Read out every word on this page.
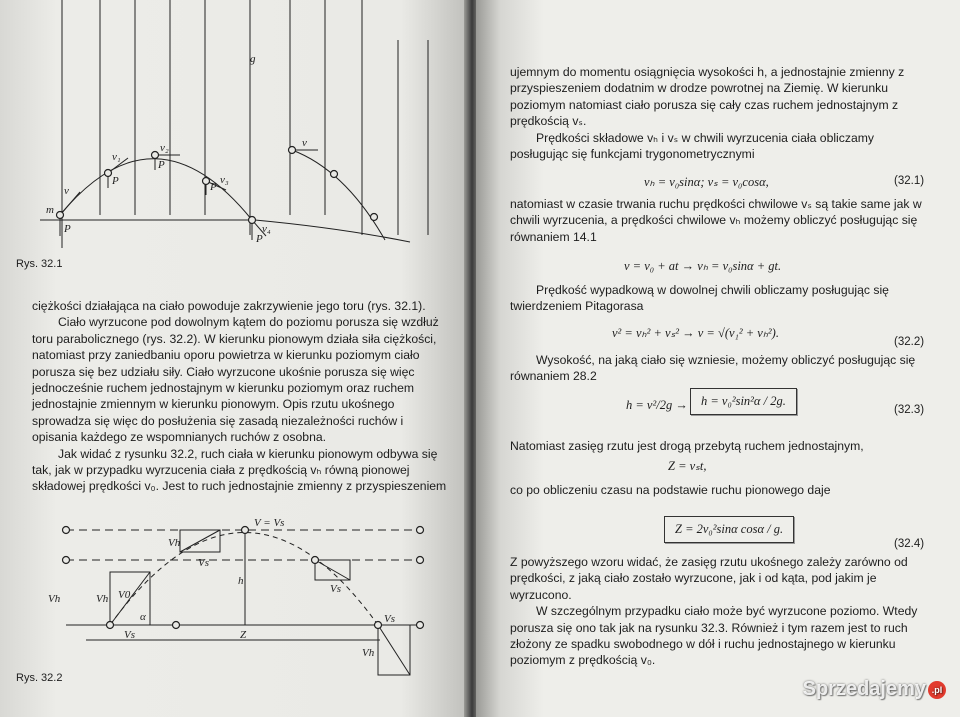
g
m
v
v₁
v₂
v₃
v₄
v
P
P
P
P
P
Rys. 32.1

ciężkości działająca na ciało powoduje zakrzywienie jego toru (rys. 32.1).

Ciało wyrzucone pod dowolnym kątem do poziomu porusza się wzdłuż toru parabolicznego (rys. 32.2). W kierunku pionowym działa siła ciężkości, natomiast przy zaniedbaniu oporu powietrza w kierunku poziomym ciało porusza się bez udziału siły. Ciało wyrzucone ukośnie porusza się więc jednocześnie ruchem jednostajnym w kierunku poziomym oraz ruchem jednostajnie zmiennym w kierunku pionowym. Opis rzutu ukośnego sprowadza się więc do posłużenia się zasadą niezależności ruchów i opisania każdego ze wspomnianych ruchów z osobna.

Jak widać z rysunku 32.2, ruch ciała w kierunku pionowym odbywa się tak, jak w przypadku wyrzucenia ciała z prędkością vₕ równą pionowej składowej prędkości v₀. Jest to ruch jednostajnie zmienny z przyspieszeniem

V = Vs
Vh	Vh
Vh
Vs
Vs
Vs
Vs
V0
α
h
Z
Vh
Rys. 32.2

ujemnym do momentu osiągnięcia wysokości h, a jednostajnie zmienny z przyspieszeniem dodatnim w drodze powrotnej na Ziemię. W kierunku poziomym natomiast ciało porusza się cały czas ruchem jednostajnym z prędkością vₛ.

Prędkości składowe vₕ i vₛ w chwili wyrzucenia ciała obliczamy posługując się funkcjami trygonometrycznymi

vₕ = v₀sinα; vₛ = v₀cosα,	(32.1)
natomiast w czasie trwania ruchu prędkości chwilowe vₛ są takie same jak w chwili wyrzucenia, a prędkości chwilowe vₕ możemy obliczyć posługując się równaniem 14.1
v = v₀ + at → vₕ = v₀sinα + gt.
Prędkość wypadkową w dowolnej chwili obliczamy posługując się twierdzeniem Pitagorasa
v² = vₕ² + vₛ² → v = √(v₁² + vₕ²).
(32.2)
Wysokość, na jaką ciało się wzniesie, możemy obliczyć posługując się równaniem 28.2
h = v²/2g →	h = v₀²sin²α / 2g.
(32.3)
Natomiast zasięg rzutu jest drogą przebytą ruchem jednostajnym,
Z = vₛt,
co po obliczeniu czasu na podstawie ruchu pionowego daje
Z = 2v₀²sinα cosα / g.
(32.4)

Z powyższego wzoru widać, że zasięg rzutu ukośnego zależy zarówno od prędkości, z jaką ciało zostało wyrzucone, jak i od kąta, pod jakim je wyrzucono.

W szczególnym przypadku ciało może być wyrzucone poziomo. Wtedy porusza się ono tak jak na rysunku 32.3. Również i tym razem jest to ruch złożony ze spadku swobodnego w dół i ruchu jednostajnego w kierunku poziomym z prędkością v₀.

Sprzedajemy .pl
